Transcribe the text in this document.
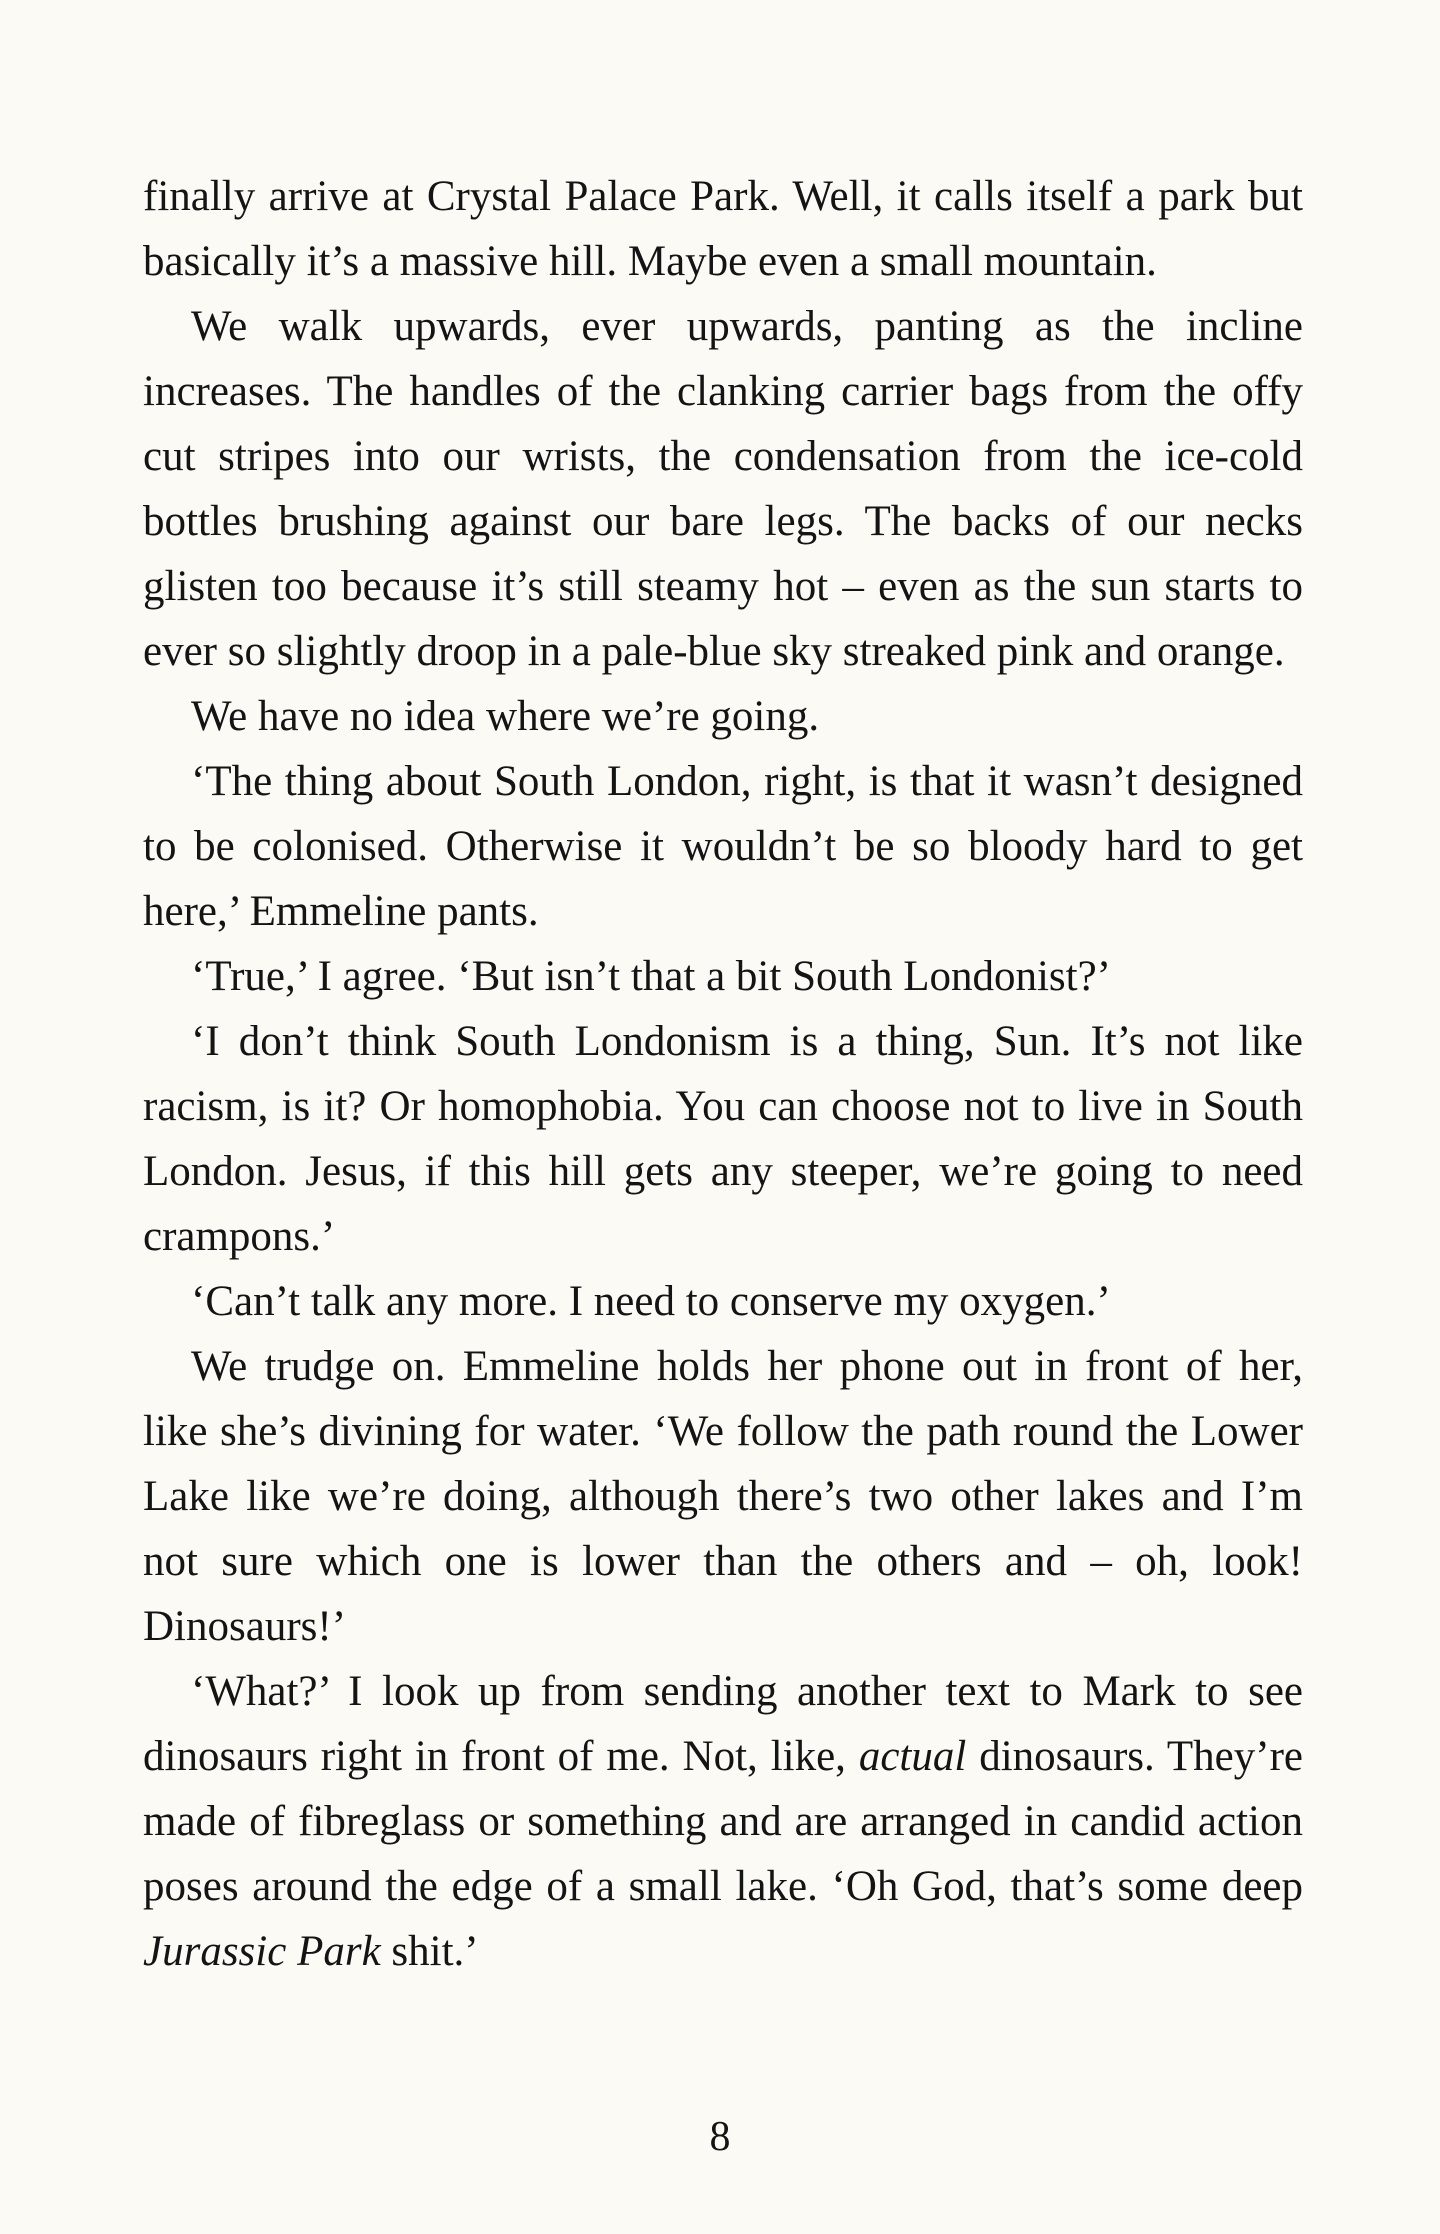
finally arrive at Crystal Palace Park. Well, it calls itself a park but basically it’s a massive hill. Maybe even a small mountain.

We walk upwards, ever upwards, panting as the incline increases. The handles of the clanking carrier bags from the offy cut stripes into our wrists, the condensation from the ice-cold bottles brushing against our bare legs. The backs of our necks glisten too because it’s still steamy hot – even as the sun starts to ever so slightly droop in a pale-blue sky streaked pink and orange.

We have no idea where we’re going.

‘The thing about South London, right, is that it wasn’t designed to be colonised. Otherwise it wouldn’t be so bloody hard to get here,’ Emmeline pants.

‘True,’ I agree. ‘But isn’t that a bit South Londonist?’

‘I don’t think South Londonism is a thing, Sun. It’s not like racism, is it? Or homophobia. You can choose not to live in South London. Jesus, if this hill gets any steeper, we’re going to need crampons.’

‘Can’t talk any more. I need to conserve my oxygen.’

We trudge on. Emmeline holds her phone out in front of her, like she’s divining for water. ‘We follow the path round the Lower Lake like we’re doing, although there’s two other lakes and I’m not sure which one is lower than the others and – oh, look! Dinosaurs!’

‘What?’ I look up from sending another text to Mark to see dinosaurs right in front of me. Not, like, actual dinosaurs. They’re made of fibreglass or something and are arranged in candid action poses around the edge of a small lake. ‘Oh God, that’s some deep Jurassic Park shit.’

8
